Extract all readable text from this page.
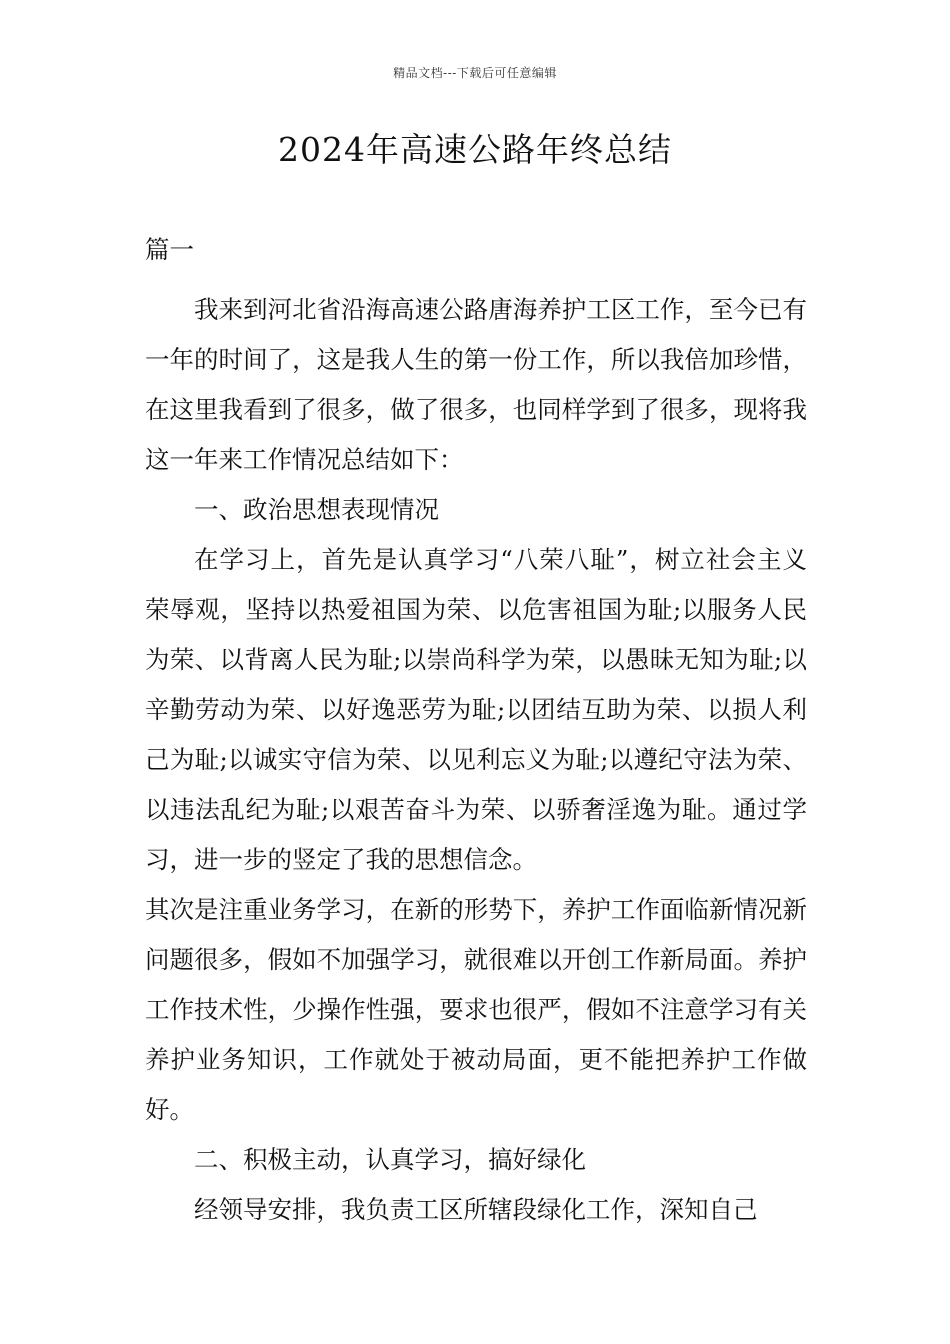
精品文档---下载后可任意编辑
2024年高速公路年终总结

篇一

我来到河北省沿海高速公路唐海养护工区工作，至今已有一年的时间了，这是我人生的第一份工作，所以我倍加珍惜，在这里我看到了很多，做了很多，也同样学到了很多，现将我这一年来工作情况总结如下：

一、政治思想表现情况

在学习上，首先是认真学习“八荣八耻”，树立社会主义荣辱观，坚持以热爱祖国为荣、以危害祖国为耻;以服务人民为荣、以背离人民为耻;以崇尚科学为荣，以愚昧无知为耻;以辛勤劳动为荣、以好逸恶劳为耻;以团结互助为荣、以损人利己为耻;以诚实守信为荣、以见利忘义为耻;以遵纪守法为荣、以违法乱纪为耻;以艰苦奋斗为荣、以骄奢淫逸为耻。通过学习，进一步的竖定了我的思想信念。

其次是注重业务学习，在新的形势下，养护工作面临新情况新问题很多，假如不加强学习，就很难以开创工作新局面。养护工作技术性，少操作性强，要求也很严，假如不注意学习有关养护业务知识，工作就处于被动局面，更不能把养护工作做好。

二、积极主动，认真学习，搞好绿化

经领导安排，我负责工区所辖段绿化工作，深知自己
